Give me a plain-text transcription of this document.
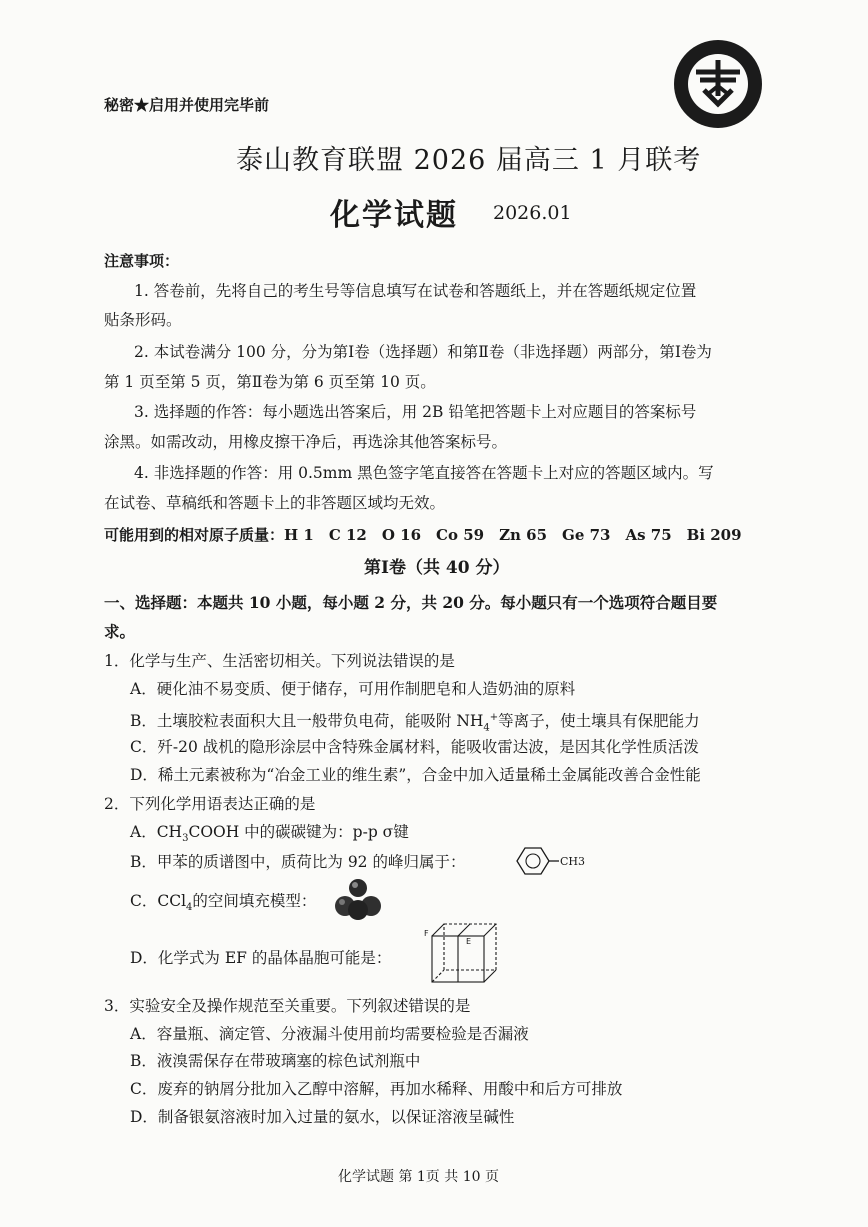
秘密★启用并使用完毕前
泰山教育联盟 2026 届高三 1 月联考
化学试题 2026.01
注意事项：
1. 答卷前，先将自己的考生号等信息填写在试卷和答题纸上，并在答题纸规定位置
贴条形码。
2. 本试卷满分 100 分，分为第Ⅰ卷（选择题）和第Ⅱ卷（非选择题）两部分，第Ⅰ卷为
第 1 页至第 5 页，第Ⅱ卷为第 6 页至第 10 页。
3. 选择题的作答：每小题选出答案后，用 2B 铅笔把答题卡上对应题目的答案标号
涂黑。如需改动，用橡皮擦干净后，再选涂其他答案标号。
4. 非选择题的作答：用 0.5mm 黑色签字笔直接答在答题卡上对应的答题区域内。写
在试卷、草稿纸和答题卡上的非答题区域均无效。
可能用到的相对原子质量：H 1　C 12　O 16　Co 59　Zn 65　Ge 73　As 75　Bi 209
第Ⅰ卷（共 40 分）
一、选择题：本题共 10 小题，每小题 2 分，共 20 分。每小题只有一个选项符合题目要
求。
1．化学与生产、生活密切相关。下列说法错误的是
A．硬化油不易变质、便于储存，可用作制肥皂和人造奶油的原料
B．土壤胶粒表面积大且一般带负电荷，能吸附 $NH_4^+$等离子，使土壤具有保肥能力
C．歼-20 战机的隐形涂层中含特殊金属材料，能吸收雷达波，是因其化学性质活泼
D．稀土元素被称为“冶金工业的维生素”，合金中加入适量稀土金属能改善合金性能
2．下列化学用语表达正确的是
A．$CH_3COOH$ 中的碳碳键为：p-p σ键
B．甲苯的质谱图中，质荷比为 92 的峰归属于：	CH3
C．CCl$_4$的空间填充模型：
D．化学式为 EF 的晶体晶胞可能是：
F
E
3．实验安全及操作规范至关重要。下列叙述错误的是
A．容量瓶、滴定管、分液漏斗使用前均需要检验是否漏液
B．液溴需保存在带玻璃塞的棕色试剂瓶中
C．废弃的钠屑分批加入乙醇中溶解，再加水稀释、用酸中和后方可排放
D．制备银氨溶液时加入过量的氨水，以保证溶液呈碱性
化学试题 第 1页 共 10 页
